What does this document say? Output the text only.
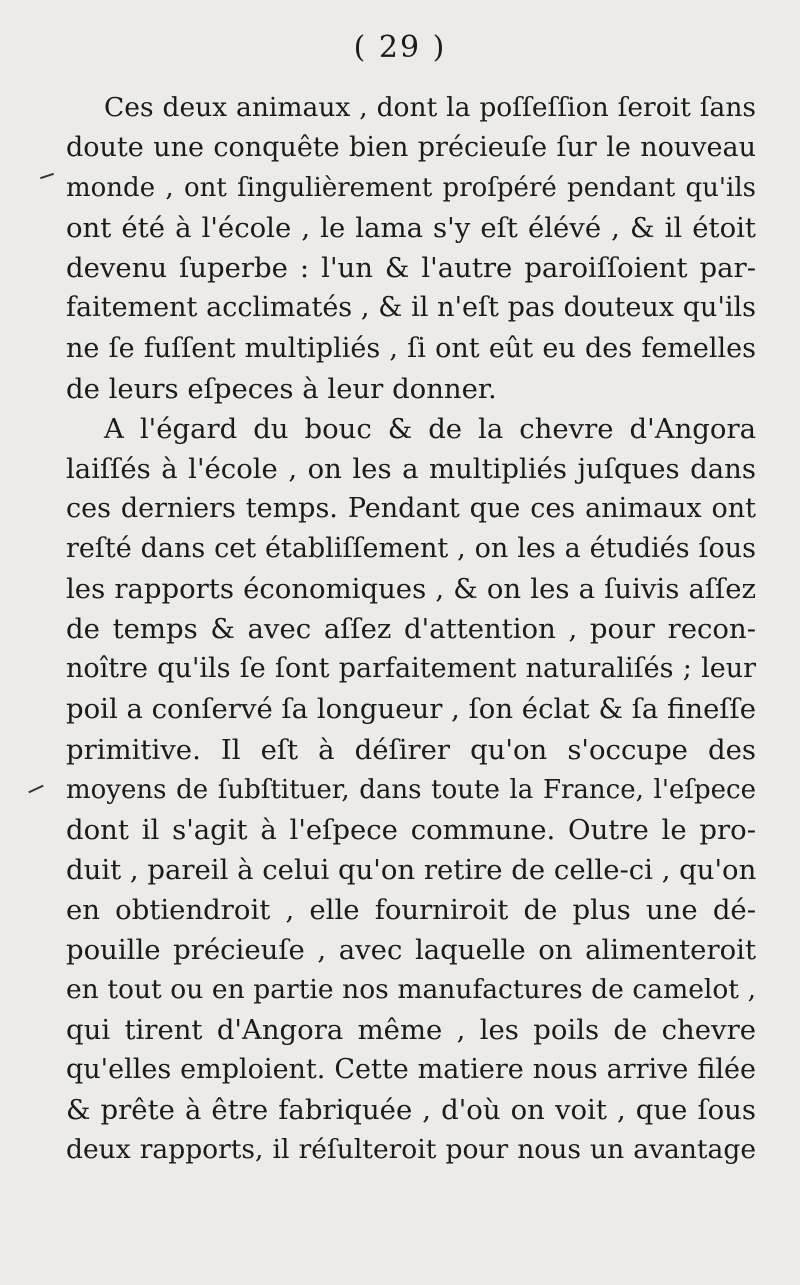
( 29 )
Ces deux animaux , dont la poſſeſſion ſeroit ſans
doute une conquête bien précieuſe ſur le nouveau
monde , ont ſingulièrement proſpéré pendant qu'ils
ont été à l'école , le lama s'y eſt élévé , & il étoit
devenu ſuperbe : l'un & l'autre paroiſſoient par-
faitement acclimatés , & il n'eſt pas douteux qu'ils
ne ſe fuſſent multipliés , ſi ont eût eu des femelles
de leurs eſpeces à leur donner.
A l'égard du bouc & de la chevre d'Angora
laiſſés à l'école , on les a multipliés juſques dans
ces derniers temps. Pendant que ces animaux ont
reſté dans cet établiſſement , on les a étudiés ſous
les rapports économiques , & on les a ſuivis aſſez
de temps & avec aſſez d'attention , pour recon-
noître qu'ils ſe ſont parfaitement naturaliſés ; leur
poil a conſervé ſa longueur , ſon éclat & ſa fineſſe
primitive. Il eſt à déſirer qu'on s'occupe des
moyens de ſubſtituer, dans toute la France, l'eſpece
dont il s'agit à l'eſpece commune. Outre le pro-
duit , pareil à celui qu'on retire de celle-ci , qu'on
en obtiendroit , elle fourniroit de plus une dé-
pouille précieuſe , avec laquelle on alimenteroit
en tout ou en partie nos manufactures de camelot ,
qui tirent d'Angora même , les poils de chevre
qu'elles emploient. Cette matiere nous arrive filée
& prête à être fabriquée , d'où on voit , que ſous
deux rapports, il réſulteroit pour nous un avantage
